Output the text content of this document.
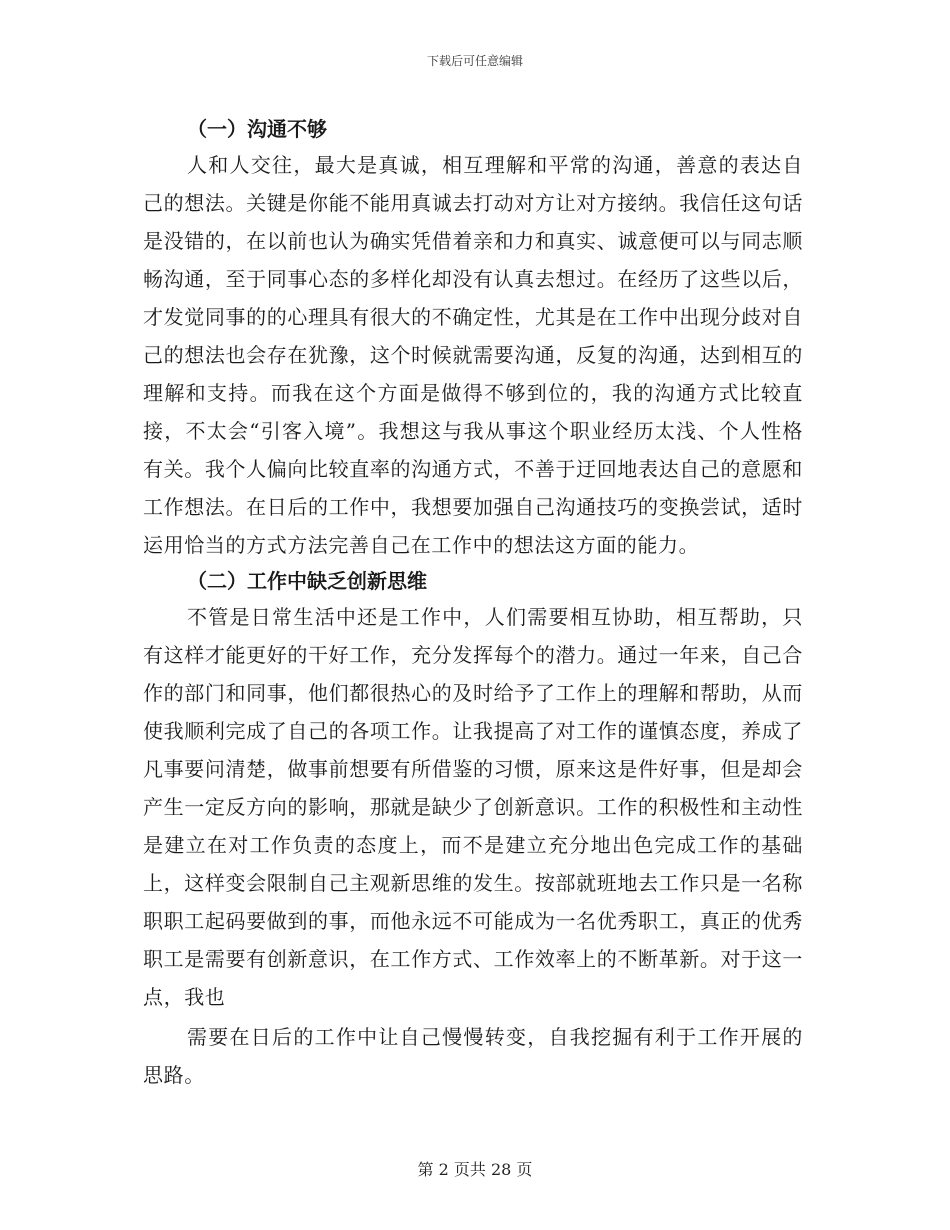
下载后可任意编辑
（一）沟通不够

人和人交往，最大是真诚，相互理解和平常的沟通，善意的表达自己的想法。关键是你能不能用真诚去打动对方让对方接纳。我信任这句话是没错的，在以前也认为确实凭借着亲和力和真实、诚意便可以与同志顺畅沟通，至于同事心态的多样化却没有认真去想过。在经历了这些以后，才发觉同事的的心理具有很大的不确定性，尤其是在工作中出现分歧对自己的想法也会存在犹豫，这个时候就需要沟通，反复的沟通，达到相互的理解和支持。而我在这个方面是做得不够到位的，我的沟通方式比较直接，不太会“引客入境”。我想这与我从事这个职业经历太浅、个人性格有关。我个人偏向比较直率的沟通方式，不善于迂回地表达自己的意愿和工作想法。在日后的工作中，我想要加强自己沟通技巧的变换尝试，适时运用恰当的方式方法完善自己在工作中的想法这方面的能力。

（二）工作中缺乏创新思维

不管是日常生活中还是工作中，人们需要相互协助，相互帮助，只有这样才能更好的干好工作，充分发挥每个的潜力。通过一年来，自己合作的部门和同事，他们都很热心的及时给予了工作上的理解和帮助，从而使我顺利完成了自己的各项工作。让我提高了对工作的谨慎态度，养成了凡事要问清楚，做事前想要有所借鉴的习惯，原来这是件好事，但是却会产生一定反方向的影响，那就是缺少了创新意识。工作的积极性和主动性是建立在对工作负责的态度上，而不是建立充分地出色完成工作的基础上，这样变会限制自己主观新思维的发生。按部就班地去工作只是一名称职职工起码要做到的事，而他永远不可能成为一名优秀职工，真正的优秀职工是需要有创新意识，在工作方式、工作效率上的不断革新。对于这一点，我也

需要在日后的工作中让自己慢慢转变，自我挖掘有利于工作开展的思路。

第 2 页共 28 页
